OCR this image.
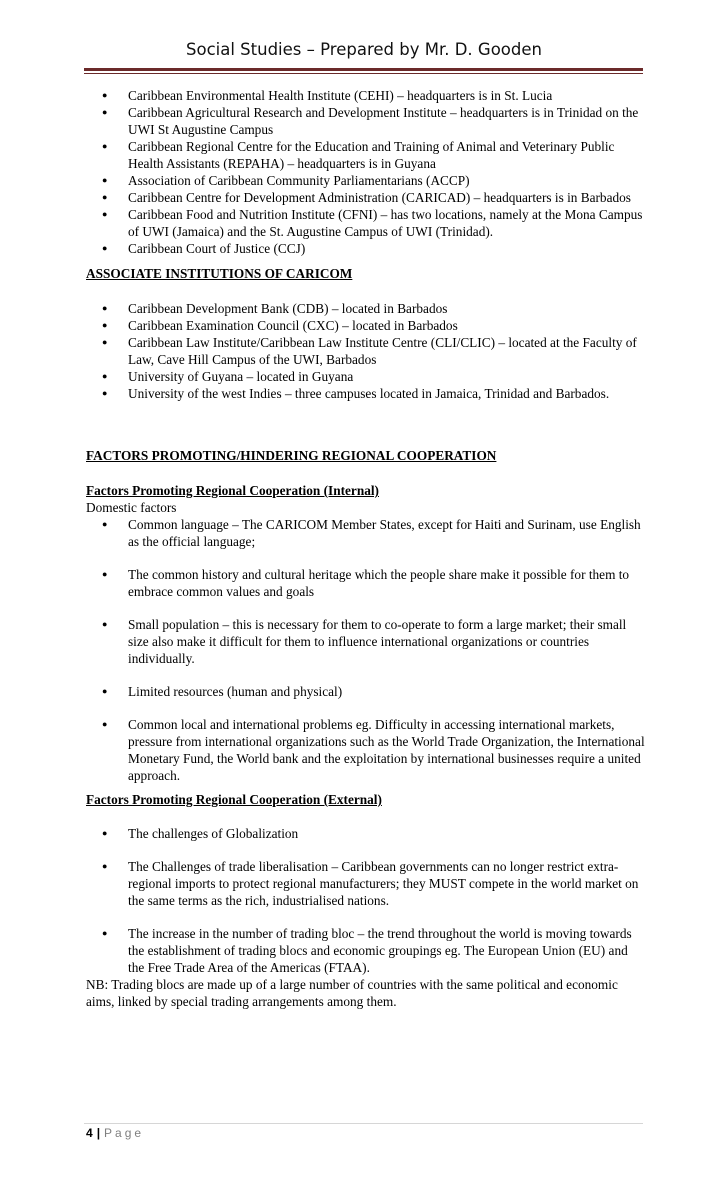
Social Studies – Prepared by Mr. D. Gooden
● Caribbean Environmental Health Institute (CEHI) – headquarters is in St. Lucia
● Caribbean Agricultural Research and Development Institute – headquarters is in Trinidad on the UWI St Augustine Campus
● Caribbean Regional Centre for the Education and Training of Animal and Veterinary Public Health Assistants (REPAHA) – headquarters is in Guyana
● Association of Caribbean Community Parliamentarians (ACCP)
● Caribbean Centre for Development Administration (CARICAD) – headquarters is in Barbados
● Caribbean Food and Nutrition Institute (CFNI) – has two locations, namely at the Mona Campus of UWI (Jamaica) and the St. Augustine Campus of UWI (Trinidad).
● Caribbean Court of Justice (CCJ)
ASSOCIATE INSTITUTIONS OF CARICOM
● Caribbean Development Bank (CDB) – located in Barbados
● Caribbean Examination Council (CXC) – located in Barbados
● Caribbean Law Institute/Caribbean Law Institute Centre (CLI/CLIC) – located at the Faculty of Law, Cave Hill Campus of the UWI, Barbados
● University of Guyana – located in Guyana
● University of the west Indies – three campuses located in Jamaica, Trinidad and Barbados.
FACTORS PROMOTING/HINDERING REGIONAL COOPERATION
Factors Promoting Regional Cooperation (Internal)
Domestic factors
● Common language – The CARICOM Member States, except for Haiti and Surinam, use English as the official language;
● The common history and cultural heritage which the people share make it possible for them to embrace common values and goals
● Small population – this is necessary for them to co-operate to form a large market; their small size also make it difficult for them to influence international organizations or countries individually.
● Limited resources (human and physical)
● Common local and international problems eg. Difficulty in accessing international markets, pressure from international organizations such as the World Trade Organization, the International Monetary Fund, the World bank and the exploitation by international businesses require a united approach.
Factors Promoting Regional Cooperation (External)
● The challenges of Globalization
● The Challenges of trade liberalisation – Caribbean governments can no longer restrict extra-regional imports to protect regional manufacturers; they MUST compete in the world market on the same terms as the rich, industrialised nations.
● The increase in the number of trading bloc – the trend throughout the world is moving towards the establishment of trading blocs and economic groupings eg. The European Union (EU) and the Free Trade Area of the Americas (FTAA).
NB: Trading blocs are made up of a large number of countries with the same political and economic aims, linked by special trading arrangements among them.
4 | Page
